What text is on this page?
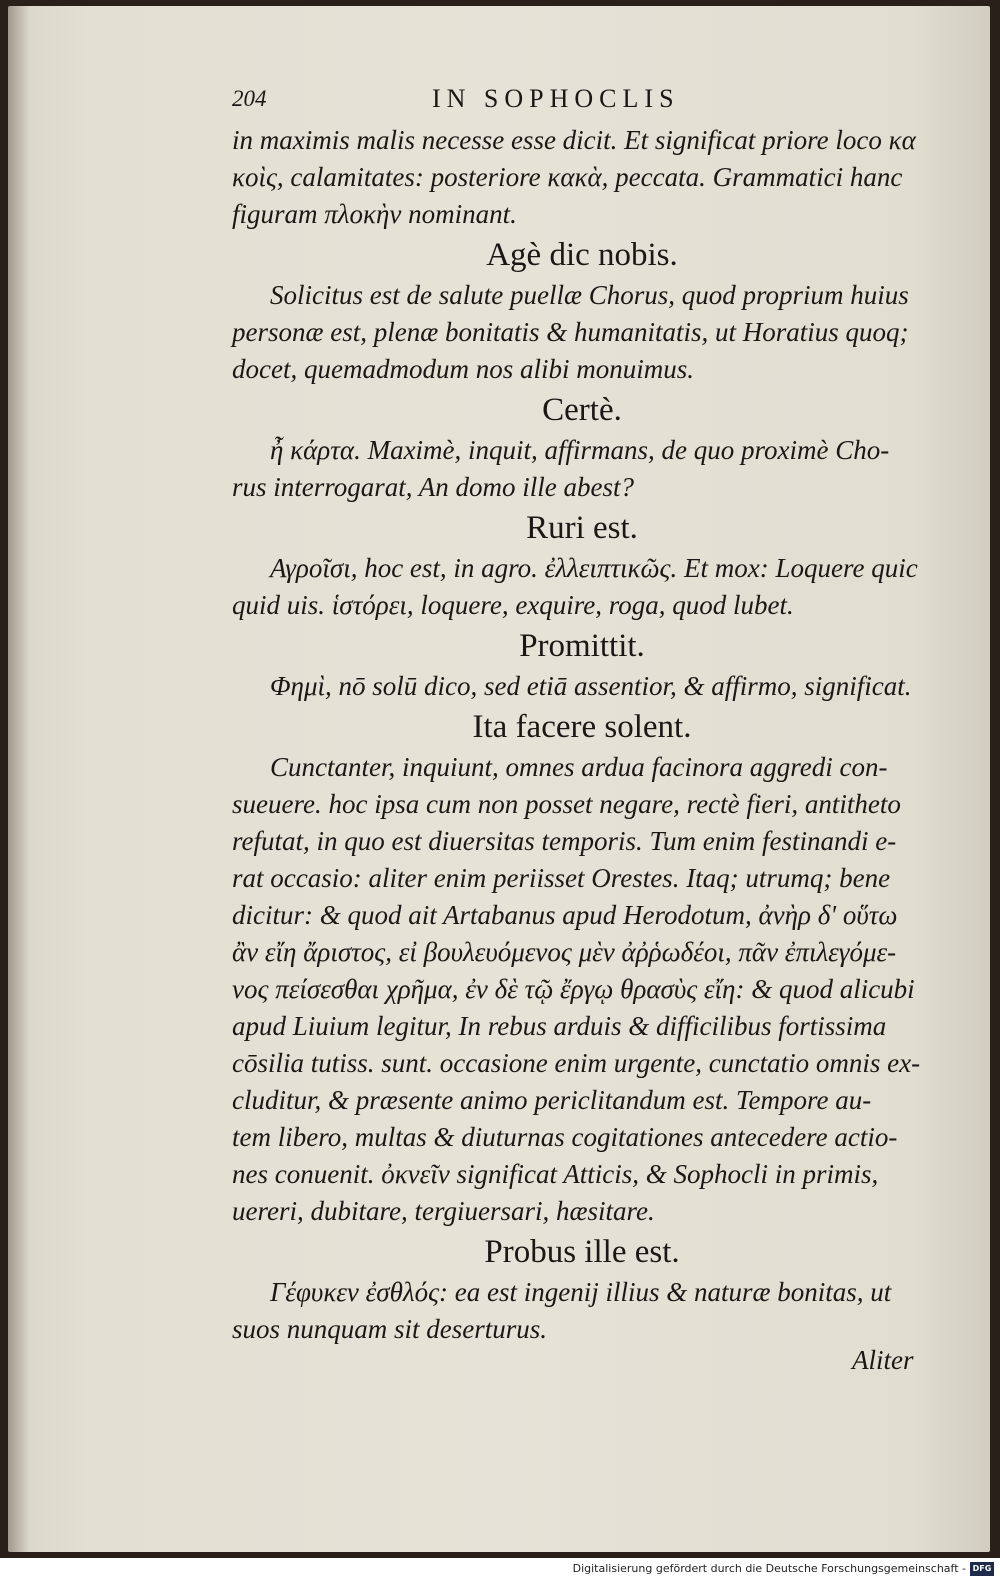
204	IN SOPHOCLIS
in maximis malis necesse esse dicit. Et significat priore loco κα
κοὶς, calamitates: posteriore κακὰ, peccata. Grammatici hanc
figuram πλοκὴν nominant.
Agè dic nobis.
Solicitus est de salute puellæ Chorus, quod proprium huius
personæ est, plenæ bonitatis & humanitatis, ut Horatius quoq;
docet, quemadmodum nos alibi monuimus.
Certè.
ἦ κάρτα. Maximè, inquit, affirmans, de quo proximè Cho-
rus interrogarat, An domo ille abest?
Ruri est.
Αγροῖσι, hoc est, in agro. ἐλλειπτικῶς. Et mox: Loquere quic
quid uis. ἱστόρει, loquere, exquire, roga, quod lubet.
Promittit.
Φημὶ, nō solū dico, sed etiā assentior, & affirmo, significat.
Ita facere solent.
Cunctanter, inquiunt, omnes ardua facinora aggredi con-
sueuere. hoc ipsa cum non posset negare, rectè fieri, antitheto
refutat, in quo est diuersitas temporis. Tum enim festinandi e-
rat occasio: aliter enim periisset Orestes. Itaq; utrumq; bene
dicitur: & quod ait Artabanus apud Herodotum, ἀνὴρ δ' οὕτω
ἂν εἴη ἄριστος, εἰ βουλευόμενος μὲν ἀῤῥωδέοι, πᾶν ἐπιλεγόμε-
νος πείσεσθαι χρῆμα, ἐν δὲ τῷ ἔργῳ θρασὺς εἴη: & quod alicubi
apud Liuium legitur, In rebus arduis & difficilibus fortissima
cōsilia tutiss. sunt. occasione enim urgente, cunctatio omnis ex-
cluditur, & præsente animo periclitandum est. Tempore au-
tem libero, multas & diuturnas cogitationes antecedere actio-
nes conuenit. ὀκνεῖν significat Atticis, & Sophocli in primis,
uereri, dubitare, tergiuersari, hæsitare.
Probus ille est.
Γέφυκεν ἐσθλός: ea est ingenij illius & naturæ bonitas, ut
suos nunquam sit deserturus.
Aliter
Digitalisierung gefördert durch die Deutsche Forschungsgemeinschaft - DFG
